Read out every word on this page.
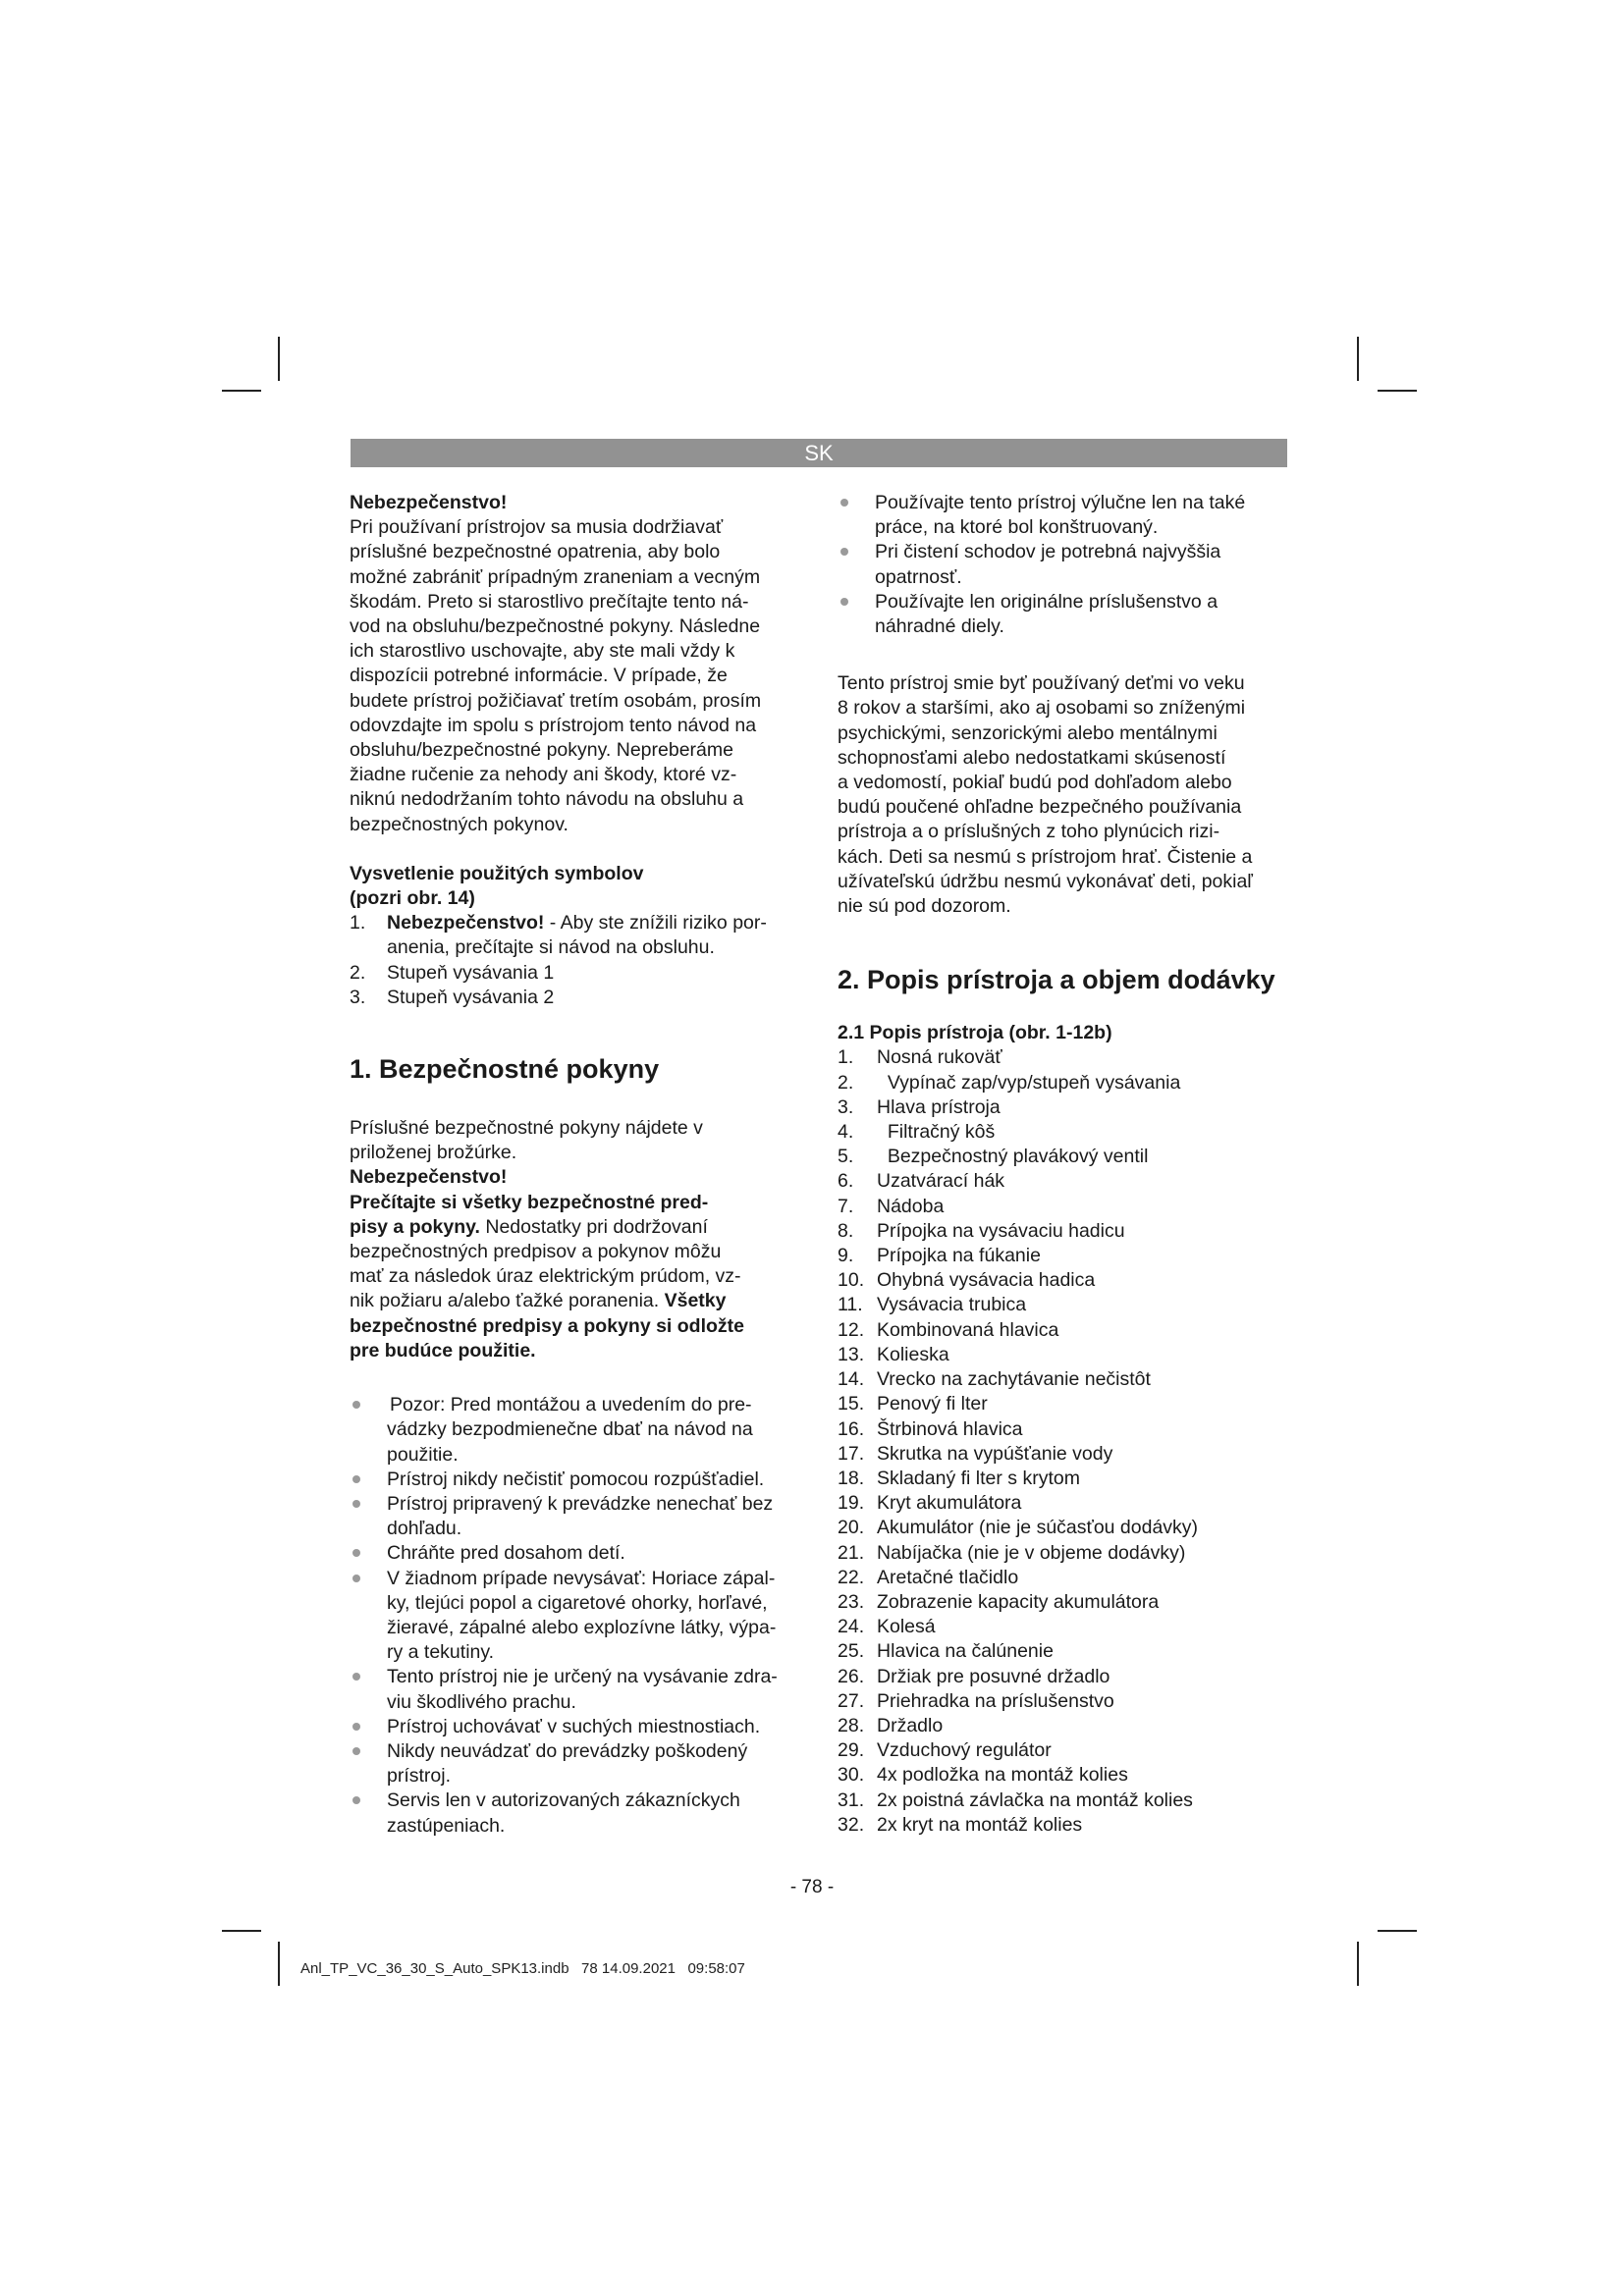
SK

Nebezpečenstvo!

Pri používaní prístrojov sa musia dodržiavať
príslušné bezpečnostné opatrenia, aby bolo
možné zabrániť prípadným zraneniam a vecným
škodám. Preto si starostlivo prečítajte tento ná-
vod na obsluhu/bezpečnostné pokyny. Následne
ich starostlivo uschovajte, aby ste mali vždy k
dispozícii potrebné informácie. V prípade, že
budete prístroj požičiavať tretím osobám, prosím
odovzdajte im spolu s prístrojom tento návod na
obsluhu/bezpečnostné pokyny. Nepreberáme
žiadne ručenie za nehody ani škody, ktoré vz-
niknú nedodržaním tohto návodu na obsluhu a
bezpečnostných pokynov.
Vysvetlenie použitých symbolov
(pozri obr. 14)
1.	Nebezpečenstvo! - Aby ste znížili riziko por-
anenia, prečítajte si návod na obsluhu.
2.	Stupeň vysávania 1
3.	Stupeň vysávania 2
1. Bezpečnostné pokyny
Príslušné bezpečnostné pokyny nájdete v
priloženej brožúrke.
Nebezpečenstvo!
Prečítajte si všetky bezpečnostné pred-
pisy a pokyny. Nedostatky pri dodržovaní
bezpečnostných predpisov a pokynov môžu
mať za následok úraz elektrickým prúdom, vz-
nik požiaru a/alebo ťažké poranenia. Všetky
bezpečnostné predpisy a pokyny si odložte
pre budúce použitie.
Pozor: Pred montážou a uvedením do pre-
vádzky bezpodmienečne dbať na návod na
použitie.
Prístroj nikdy nečistiť pomocou rozpúšťadiel.
Prístroj pripravený k prevádzke nenechať bez
dohľadu.
Chráňte pred dosahom detí.
V žiadnom prípade nevysávať: Horiace zápal-
ky, tlejúci popol a cigaretové ohorky, horľavé,
žieravé, zápalné alebo explozívne látky, výpa-
ry a tekutiny.
Tento prístroj nie je určený na vysávanie zdra-
viu škodlivého prachu.
Prístroj uchovávať v suchých miestnostiach.
Nikdy neuvádzať do prevádzky poškodený
prístroj.
Servis len v autorizovaných zákazníckych
zastúpeniach.
Používajte tento prístroj výlučne len na také
práce, na ktoré bol konštruovaný.
Pri čistení schodov je potrebná najvyššia
opatrnosť.
Používajte len originálne príslušenstvo a
náhradné diely.
Tento prístroj smie byť používaný deťmi vo veku
8 rokov a staršími, ako aj osobami so zníženými
psychickými, senzorickými alebo mentálnymi
schopnosťami alebo nedostatkami skúseností
a vedomostí, pokiaľ budú pod dohľadom alebo
budú poučené ohľadne bezpečného používania
prístroja a o príslušných z toho plynúcich rizi-
kách. Deti sa nesmú s prístrojom hrať. Čistenie a
užívateľskú údržbu nesmú vykonávať deti, pokiaľ
nie sú pod dozorom.
2. Popis prístroja a objem dodávky
2.1 Popis prístroja (obr. 1-12b)
1.	Nosná rukoväť
2.	Vypínač zap/vyp/stupeň vysávania
3.	Hlava prístroja
4.	Filtračný kôš
5.	Bezpečnostný plavákový ventil
6.	Uzatvárací hák
7.	Nádoba
8.	Prípojka na vysávaciu hadicu
9.	Prípojka na fúkanie
10. Ohybná vysávacia hadica
11. Vysávacia trubica
12. Kombinovaná hlavica
13. Kolieska
14. Vrecko na zachytávanie nečistôt
15. Penový fi lter
16. Štrbinová hlavica
17. Skrutka na vypúšťanie vody
18. Skladaný fi lter s krytom
19. Kryt akumulátora
20. Akumulátor (nie je súčasťou dodávky)
21. Nabíjačka (nie je v objeme dodávky)
22. Aretačné tlačidlo
23. Zobrazenie kapacity akumulátora
24. Kolesá
25. Hlavica na čalúnenie
26. Držiak pre posuvné držadlo
27. Priehradka na príslušenstvo
28. Držadlo
29. Vzduchový regulátor
30. 4x podložka na montáž kolies
31. 2x poistná závlačka na montáž kolies
32. 2x kryt na montáž kolies
- 78 -
Anl_TP_VC_36_30_S_Auto_SPK13.indb   78 14.09.2021   09:58:07
